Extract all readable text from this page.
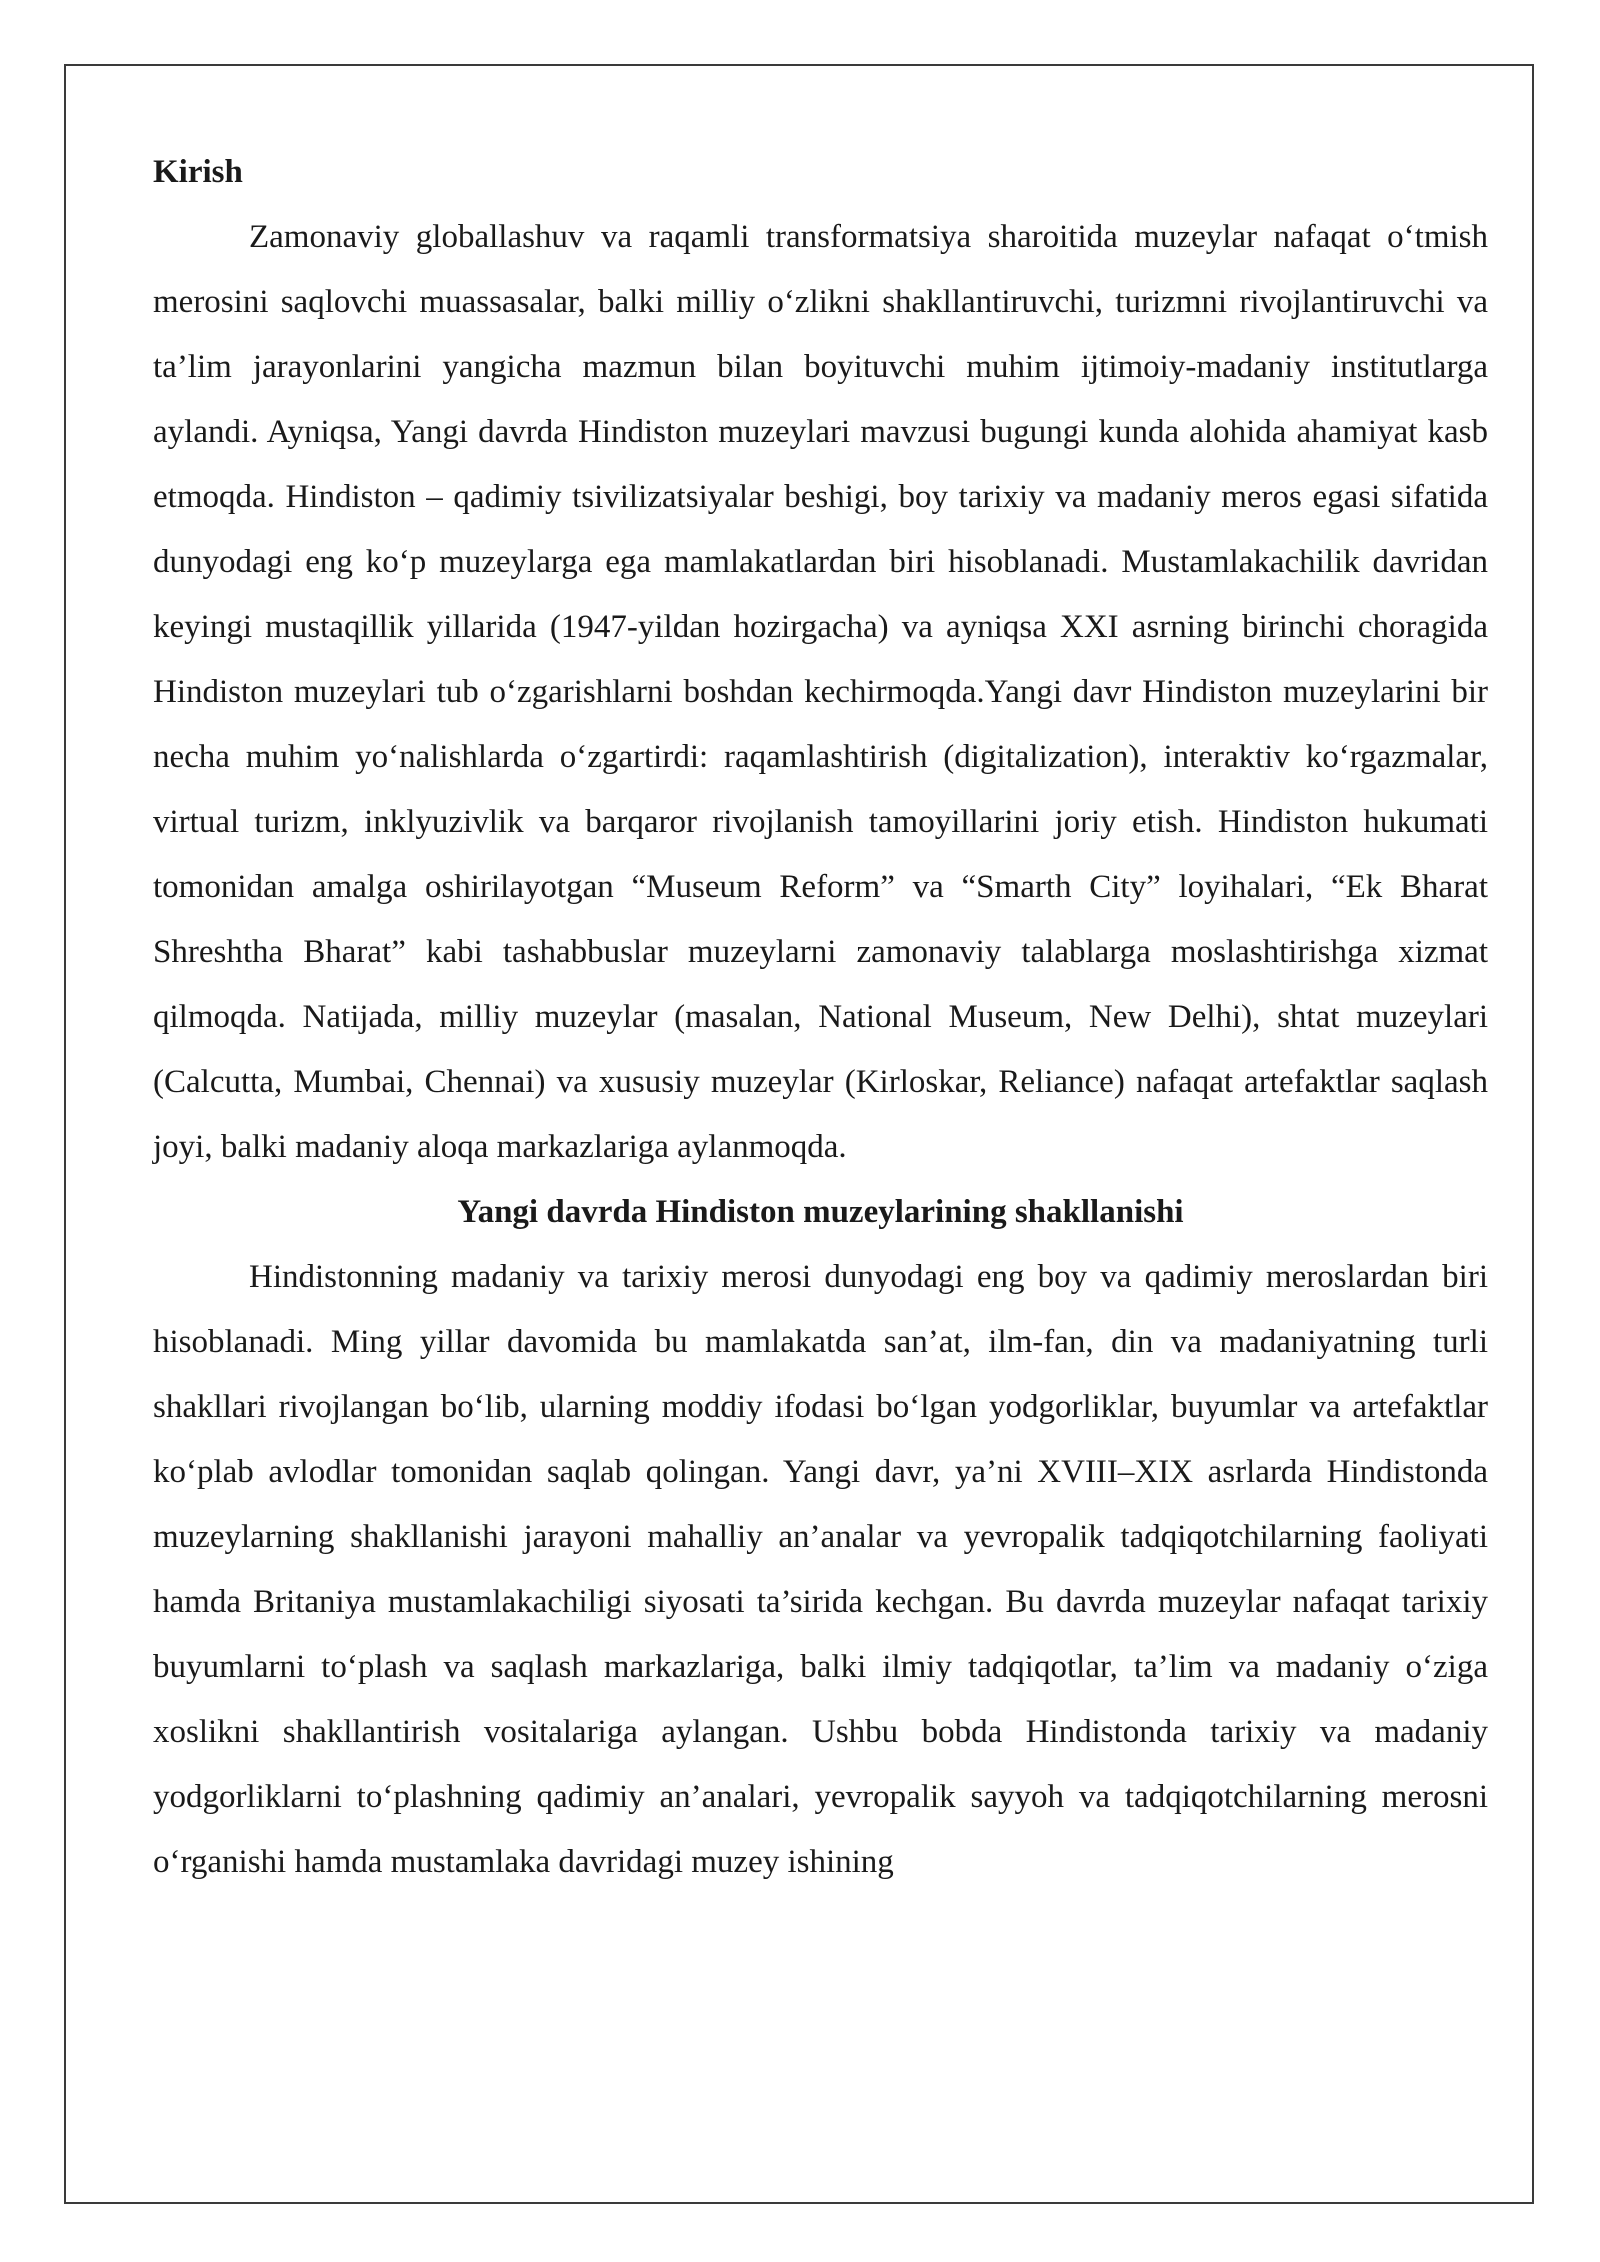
Kirish

Zamonaviy globallashuv va raqamli transformatsiya sharoitida muzeylar nafaqat o‘tmish merosini saqlovchi muassasalar, balki milliy o‘zlikni shakllantiruvchi, turizmni rivojlantiruvchi va ta’lim jarayonlarini yangicha mazmun bilan boyituvchi muhim ijtimoiy-madaniy institutlarga aylandi. Ayniqsa, Yangi davrda Hindiston muzeylari mavzusi bugungi kunda alohida ahamiyat kasb etmoqda. Hindiston – qadimiy tsivilizatsiyalar beshigi, boy tarixiy va madaniy meros egasi sifatida dunyodagi eng ko‘p muzeylarga ega mamlakatlardan biri hisoblanadi. Mustamlakachilik davridan keyingi mustaqillik yillarida (1947-yildan hozirgacha) va ayniqsa XXI asrning birinchi choragida Hindiston muzeylari tub o‘zgarishlarni boshdan kechirmoqda.Yangi davr Hindiston muzeylarini bir necha muhim yo‘nalishlarda o‘zgartirdi: raqamlashtirish (digitalization), interaktiv ko‘rgazmalar, virtual turizm, inklyuzivlik va barqaror rivojlanish tamoyillarini joriy etish. Hindiston hukumati tomonidan amalga oshirilayotgan “Museum Reform” va “Smarth City” loyihalari, “Ek Bharat Shreshtha Bharat” kabi tashabbuslar muzeylarni zamonaviy talablarga moslashtirishga xizmat qilmoqda. Natijada, milliy muzeylar (masalan, National Museum, New Delhi), shtat muzeylari (Calcutta, Mumbai, Chennai) va xususiy muzeylar (Kirloskar, Reliance) nafaqat artefaktlar saqlash joyi, balki madaniy aloqa markazlariga aylanmoqda.

Yangi davrda Hindiston muzeylarining shakllanishi

Hindistonning madaniy va tarixiy merosi dunyodagi eng boy va qadimiy meroslardan biri hisoblanadi. Ming yillar davomida bu mamlakatda san’at, ilm-fan, din va madaniyatning turli shakllari rivojlangan bo‘lib, ularning moddiy ifodasi bo‘lgan yodgorliklar, buyumlar va artefaktlar ko‘plab avlodlar tomonidan saqlab qolingan. Yangi davr, ya’ni XVIII–XIX asrlarda Hindistonda muzeylarning shakllanishi jarayoni mahalliy an’analar va yevropalik tadqiqotchilarning faoliyati hamda Britaniya mustamlakachiligi siyosati ta’sirida kechgan. Bu davrda muzeylar nafaqat tarixiy buyumlarni to‘plash va saqlash markazlariga, balki ilmiy tadqiqotlar, ta’lim va madaniy o‘ziga xoslikni shakllantirish vositalariga aylangan. Ushbu bobda Hindistonda tarixiy va madaniy yodgorliklarni to‘plashning qadimiy an’analari, yevropalik sayyoh va tadqiqotchilarning merosni o‘rganishi hamda mustamlaka davridagi muzey ishining
